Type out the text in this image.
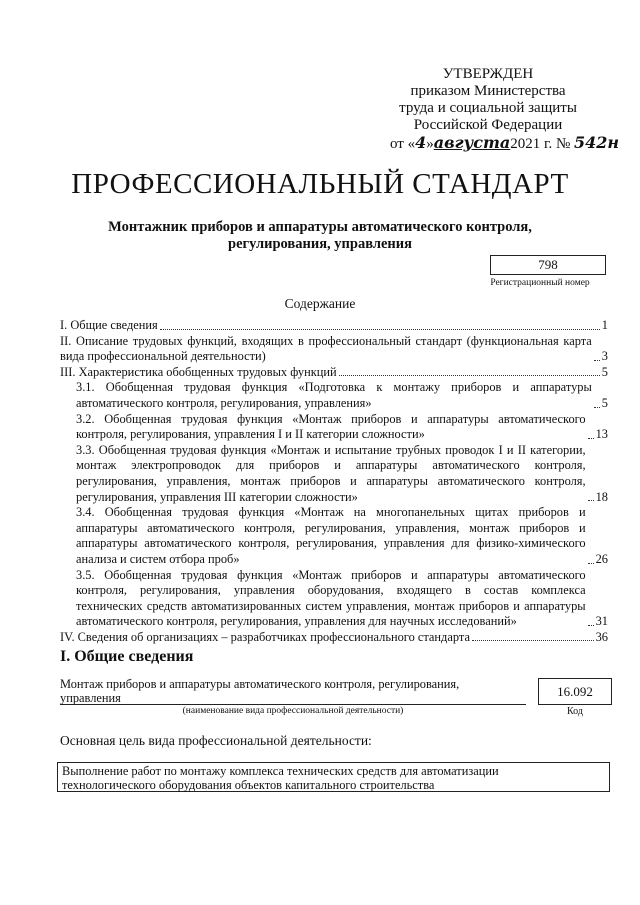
УТВЕРЖДЕН
приказом Министерства
труда и социальной защиты
Российской Федерации
от «4»августа2021 г. № 542н
ПРОФЕССИОНАЛЬНЫЙ СТАНДАРТ
Монтажник приборов и аппаратуры автоматического контроля,
регулирования, управления
798
Регистрационный номер
Содержание
I. Общие сведения	1
II. Описание трудовых функций, входящих в профессиональный стандарт (функциональная карта вида профессиональной деятельности)	3
III. Характеристика обобщенных трудовых функций	5
3.1. Обобщенная трудовая функция «Подготовка к монтажу приборов и аппаратуры автоматического контроля, регулирования, управления»	5
3.2. Обобщенная трудовая функция «Монтаж приборов и аппаратуры автоматического контроля, регулирования, управления I и II категории сложности»	13
3.3. Обобщенная трудовая функция «Монтаж и испытание трубных проводок I и II категории, монтаж электропроводок для приборов и аппаратуры автоматического контроля, регулирования, управления, монтаж приборов и аппаратуры автоматического контроля, регулирования, управления III категории сложности»	18
3.4. Обобщенная трудовая функция «Монтаж на многопанельных щитах приборов и аппаратуры автоматического контроля, регулирования, управления, монтаж приборов и аппаратуры автоматического контроля, регулирования, управления для физико-химического анализа и систем отбора проб»	26
3.5. Обобщенная трудовая функция «Монтаж приборов и аппаратуры автоматического контроля, регулирования, управления оборудования, входящего в состав комплекса технических средств автоматизированных систем управления, монтаж приборов и аппаратуры автоматического контроля, регулирования, управления для научных исследований»	31
IV. Сведения об организациях – разработчиках профессионального стандарта	36
I. Общие сведения
Монтаж приборов и аппаратуры автоматического контроля, регулирования,
управления
(наименование вида профессиональной деятельности)
16.092
Код
Основная цель вида профессиональной деятельности:
Выполнение работ по монтажу комплекса технических средств для автоматизации
технологического оборудования объектов капитального строительства
